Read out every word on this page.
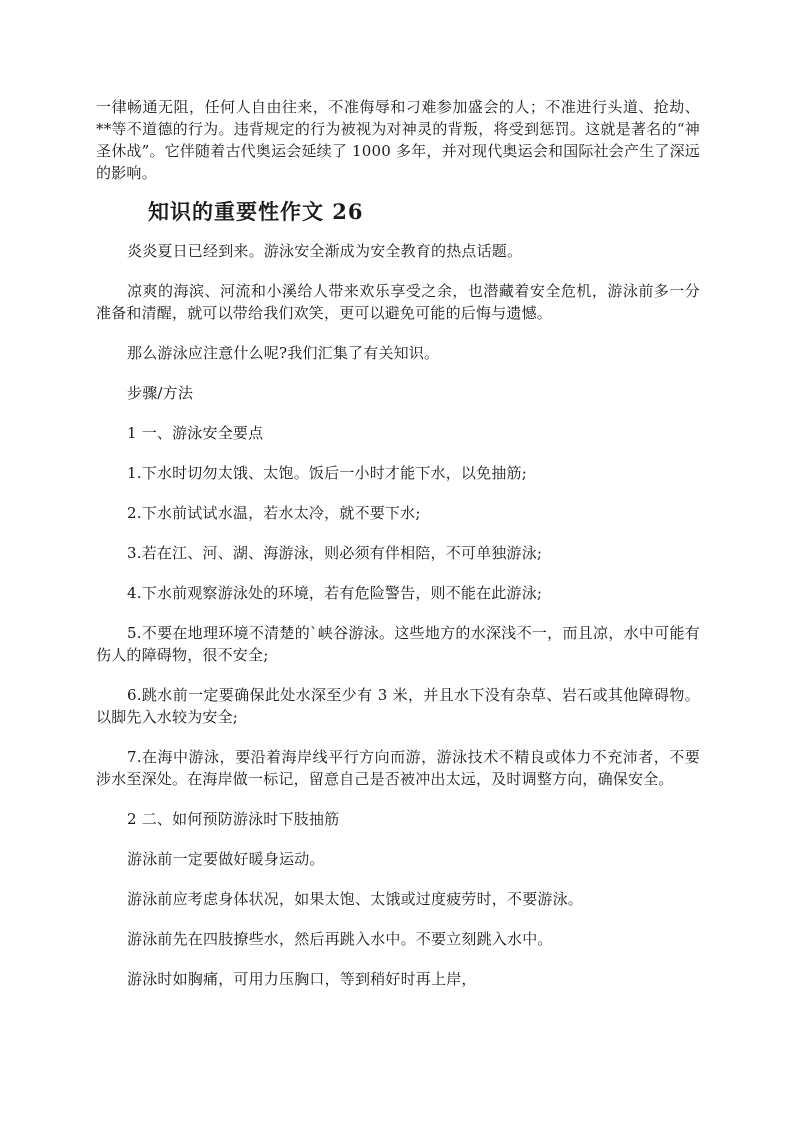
一律畅通无阻，任何人自由往来，不准侮辱和刁难参加盛会的人；不准进行头道、抢劫、**等不道德的行为。违背规定的行为被视为对神灵的背叛，将受到惩罚。这就是著名的“神圣休战”。它伴随着古代奥运会延续了 1000 多年，并对现代奥运会和国际社会产生了深远的影响。

知识的重要性作文 26

炎炎夏日已经到来。游泳安全渐成为安全教育的热点话题。

凉爽的海滨、河流和小溪给人带来欢乐享受之余，也潜藏着安全危机，游泳前多一分准备和清醒，就可以带给我们欢笑，更可以避免可能的后悔与遗憾。

那么游泳应注意什么呢?我们汇集了有关知识。

步骤/方法

1 一、游泳安全要点

1.下水时切勿太饿、太饱。饭后一小时才能下水，以免抽筋;

2.下水前试试水温，若水太冷，就不要下水;

3.若在江、河、湖、海游泳，则必须有伴相陪，不可单独游泳;

4.下水前观察游泳处的环境，若有危险警告，则不能在此游泳;

5.不要在地理环境不清楚的`峡谷游泳。这些地方的水深浅不一，而且凉，水中可能有伤人的障碍物，很不安全;

6.跳水前一定要确保此处水深至少有 3 米，并且水下没有杂草、岩石或其他障碍物。以脚先入水较为安全;

7.在海中游泳，要沿着海岸线平行方向而游，游泳技术不精良或体力不充沛者，不要涉水至深处。在海岸做一标记，留意自己是否被冲出太远，及时调整方向，确保安全。

2 二、如何预防游泳时下肢抽筋

游泳前一定要做好暖身运动。

游泳前应考虑身体状况，如果太饱、太饿或过度疲劳时，不要游泳。

游泳前先在四肢撩些水，然后再跳入水中。不要立刻跳入水中。

游泳时如胸痛，可用力压胸口，等到稍好时再上岸，
